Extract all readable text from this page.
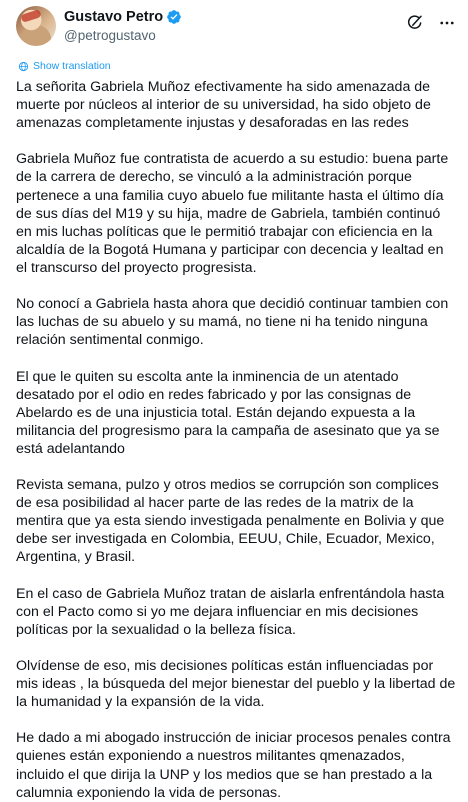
Gustavo Petro
@petrogustavo
Show translation

La señorita Gabriela Muñoz efectivamente ha sido amenazada de muerte por núcleos al interior de su universidad, ha sido objeto de amenazas completamente injustas y desaforadas en las redes

Gabriela Muñoz fue contratista de acuerdo a su estudio: buena parte de la carrera de derecho, se vinculó a la administración porque pertenece a una familia cuyo abuelo fue militante hasta el último día de sus días del M19 y su hija, madre de Gabriela, también continuó en mis luchas políticas que le permitió trabajar con eficiencia en la alcaldía de la Bogotá Humana y participar con decencia y lealtad en el transcurso del proyecto progresista.

No conocí a Gabriela hasta ahora que decidió continuar tambien con las luchas de su abuelo y su mamá, no tiene ni ha tenido ninguna relación sentimental conmigo.

El que le quiten su escolta ante la inminencia de un atentado desatado por el odio en redes fabricado y por las consignas de Abelardo es de una injusticia total. Están dejando expuesta a la militancia del progresismo para la campaña de asesinato que ya se está adelantando

Revista semana, pulzo y otros medios se corrupción son complices de esa posibilidad al hacer parte de las redes de la matrix de la mentira que ya esta siendo investigada penalmente en Bolivia y que debe ser investigada en Colombia, EEUU, Chile, Ecuador, Mexico, Argentina, y Brasil.

En el caso de Gabriela Muñoz tratan de aislarla enfrentándola hasta con el Pacto como si yo me dejara influenciar en mis decisiones políticas por la sexualidad o la belleza física.

Olvídense de eso, mis decisiones políticas están influenciadas por mis ideas , la búsqueda del mejor bienestar del pueblo y la libertad de la humanidad y la expansión de la vida.

He dado a mi abogado instrucción de iniciar procesos penales contra quienes están exponiendo a nuestros militantes qmenazados, incluido el que dirija la UNP y los medios que se han prestado a la calumnia exponiendo la vida de personas.
